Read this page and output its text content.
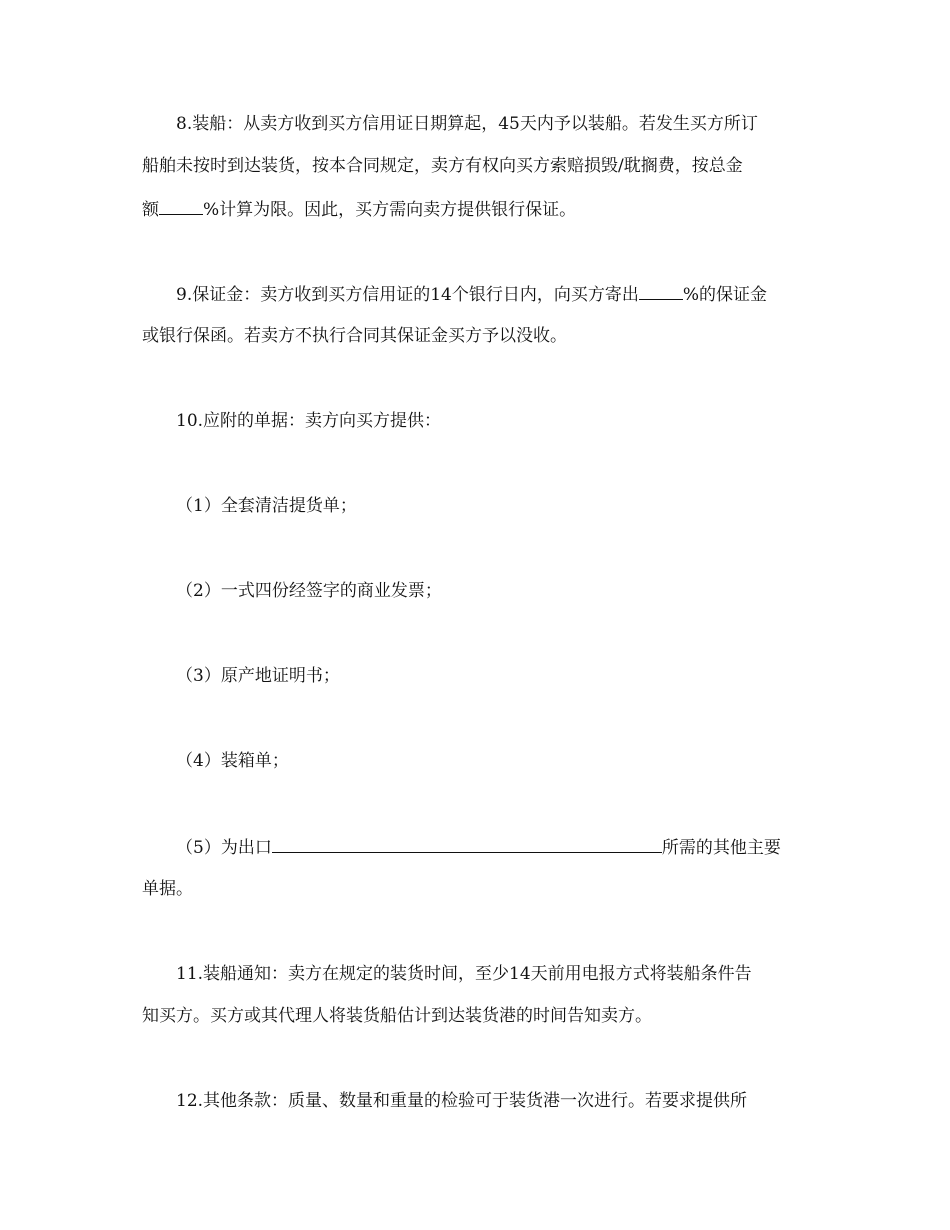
8.装船：从卖方收到买方信用证日期算起，45天内予以装船。若发生买方所订
船舶未按时到达装货，按本合同规定，卖方有权向买方索赔损毁/耽搁费，按总金
额	%计算为限。因此，买方需向卖方提供银行保证。
9.保证金：卖方收到买方信用证的14个银行日内，向买方寄出	%的保证金
或银行保函。若卖方不执行合同其保证金买方予以没收。
10.应附的单据：卖方向买方提供：
（1）全套清洁提货单；
（2）一式四份经签字的商业发票；
（3）原产地证明书；
（4）装箱单；
（5）为出口	所需的其他主要
单据。
11.装船通知：卖方在规定的装货时间，至少14天前用电报方式将装船条件告
知买方。买方或其代理人将装货船估计到达装货港的时间告知卖方。
12.其他条款：质量、数量和重量的检验可于装货港一次进行。若要求提供所
